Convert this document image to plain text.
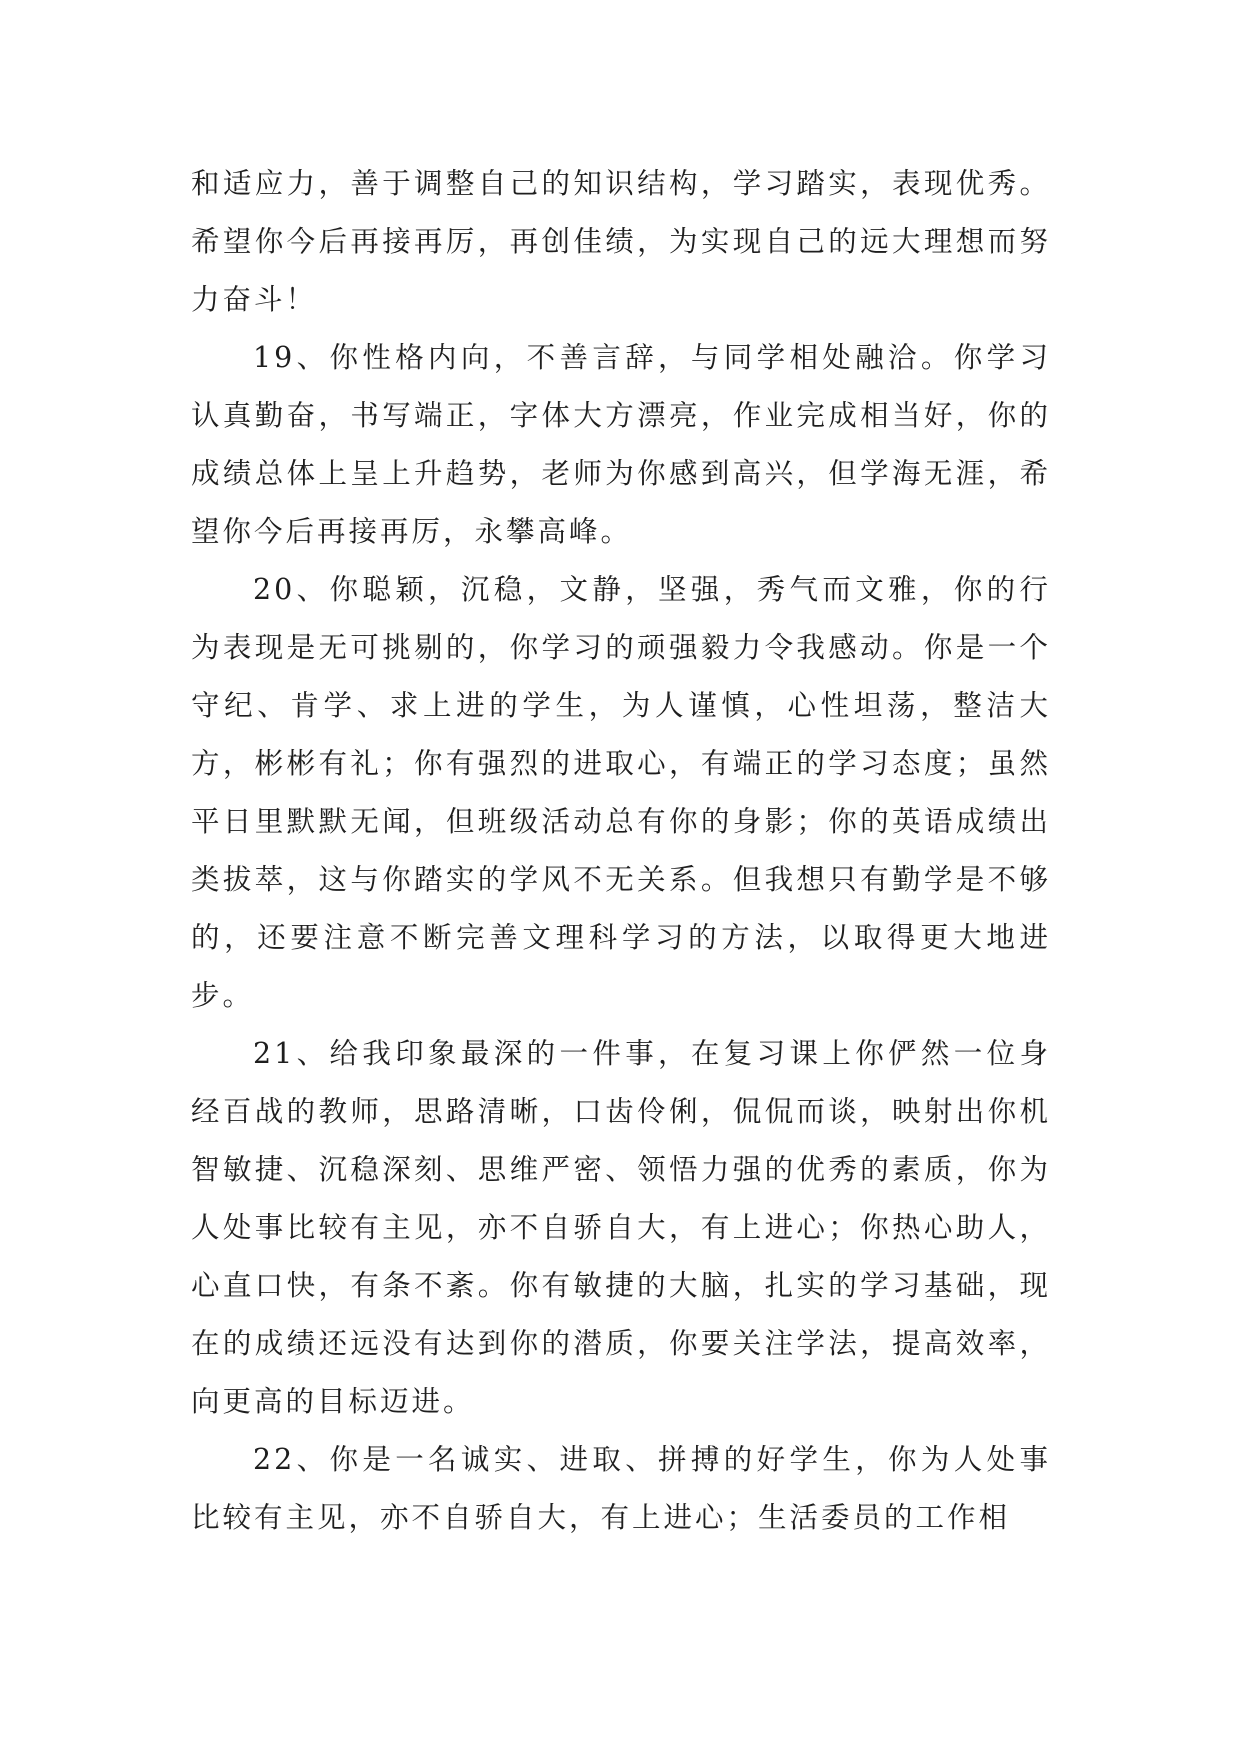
和适应力，善于调整自己的知识结构，学习踏实，表现优秀。希望你今后再接再厉，再创佳绩，为实现自己的远大理想而努力奋斗！

19、你性格内向，不善言辞，与同学相处融洽。你学习认真勤奋，书写端正，字体大方漂亮，作业完成相当好，你的成绩总体上呈上升趋势，老师为你感到高兴，但学海无涯，希望你今后再接再厉，永攀高峰。

20、你聪颖，沉稳，文静，坚强，秀气而文雅，你的行为表现是无可挑剔的，你学习的顽强毅力令我感动。你是一个守纪、肯学、求上进的学生，为人谨慎，心性坦荡，整洁大方，彬彬有礼；你有强烈的进取心，有端正的学习态度；虽然平日里默默无闻，但班级活动总有你的身影；你的英语成绩出类拔萃，这与你踏实的学风不无关系。但我想只有勤学是不够的，还要注意不断完善文理科学习的方法，以取得更大地进步。

21、给我印象最深的一件事，在复习课上你俨然一位身经百战的教师，思路清晰，口齿伶俐，侃侃而谈，映射出你机智敏捷、沉稳深刻、思维严密、领悟力强的优秀的素质，你为人处事比较有主见，亦不自骄自大，有上进心；你热心助人，心直口快，有条不紊。你有敏捷的大脑，扎实的学习基础，现在的成绩还远没有达到你的潜质，你要关注学法，提高效率，向更高的目标迈进。

22、你是一名诚实、进取、拼搏的好学生，你为人处事比较有主见，亦不自骄自大，有上进心；生活委员的工作相
